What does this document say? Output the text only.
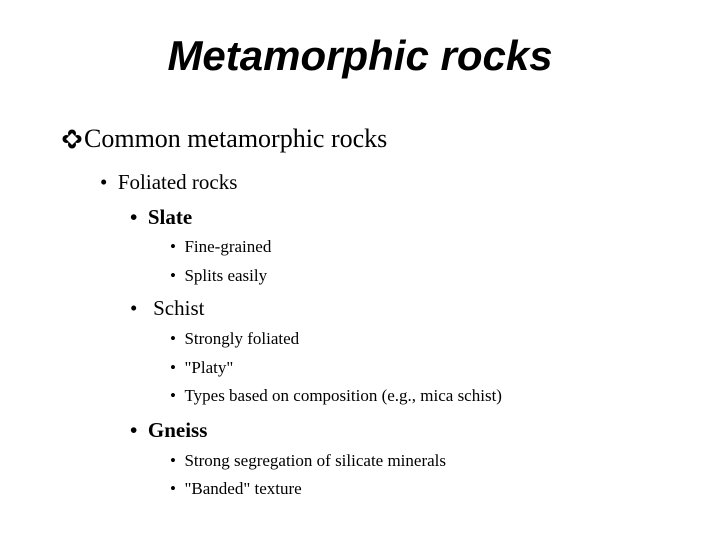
Metamorphic rocks
Common metamorphic rocks
• Foliated rocks
• Slate
• Fine-grained
• Splits easily
• Schist
• Strongly foliated
• "Platy"
• Types based on composition (e.g., mica schist)
• Gneiss
• Strong segregation of silicate minerals
• "Banded" texture
